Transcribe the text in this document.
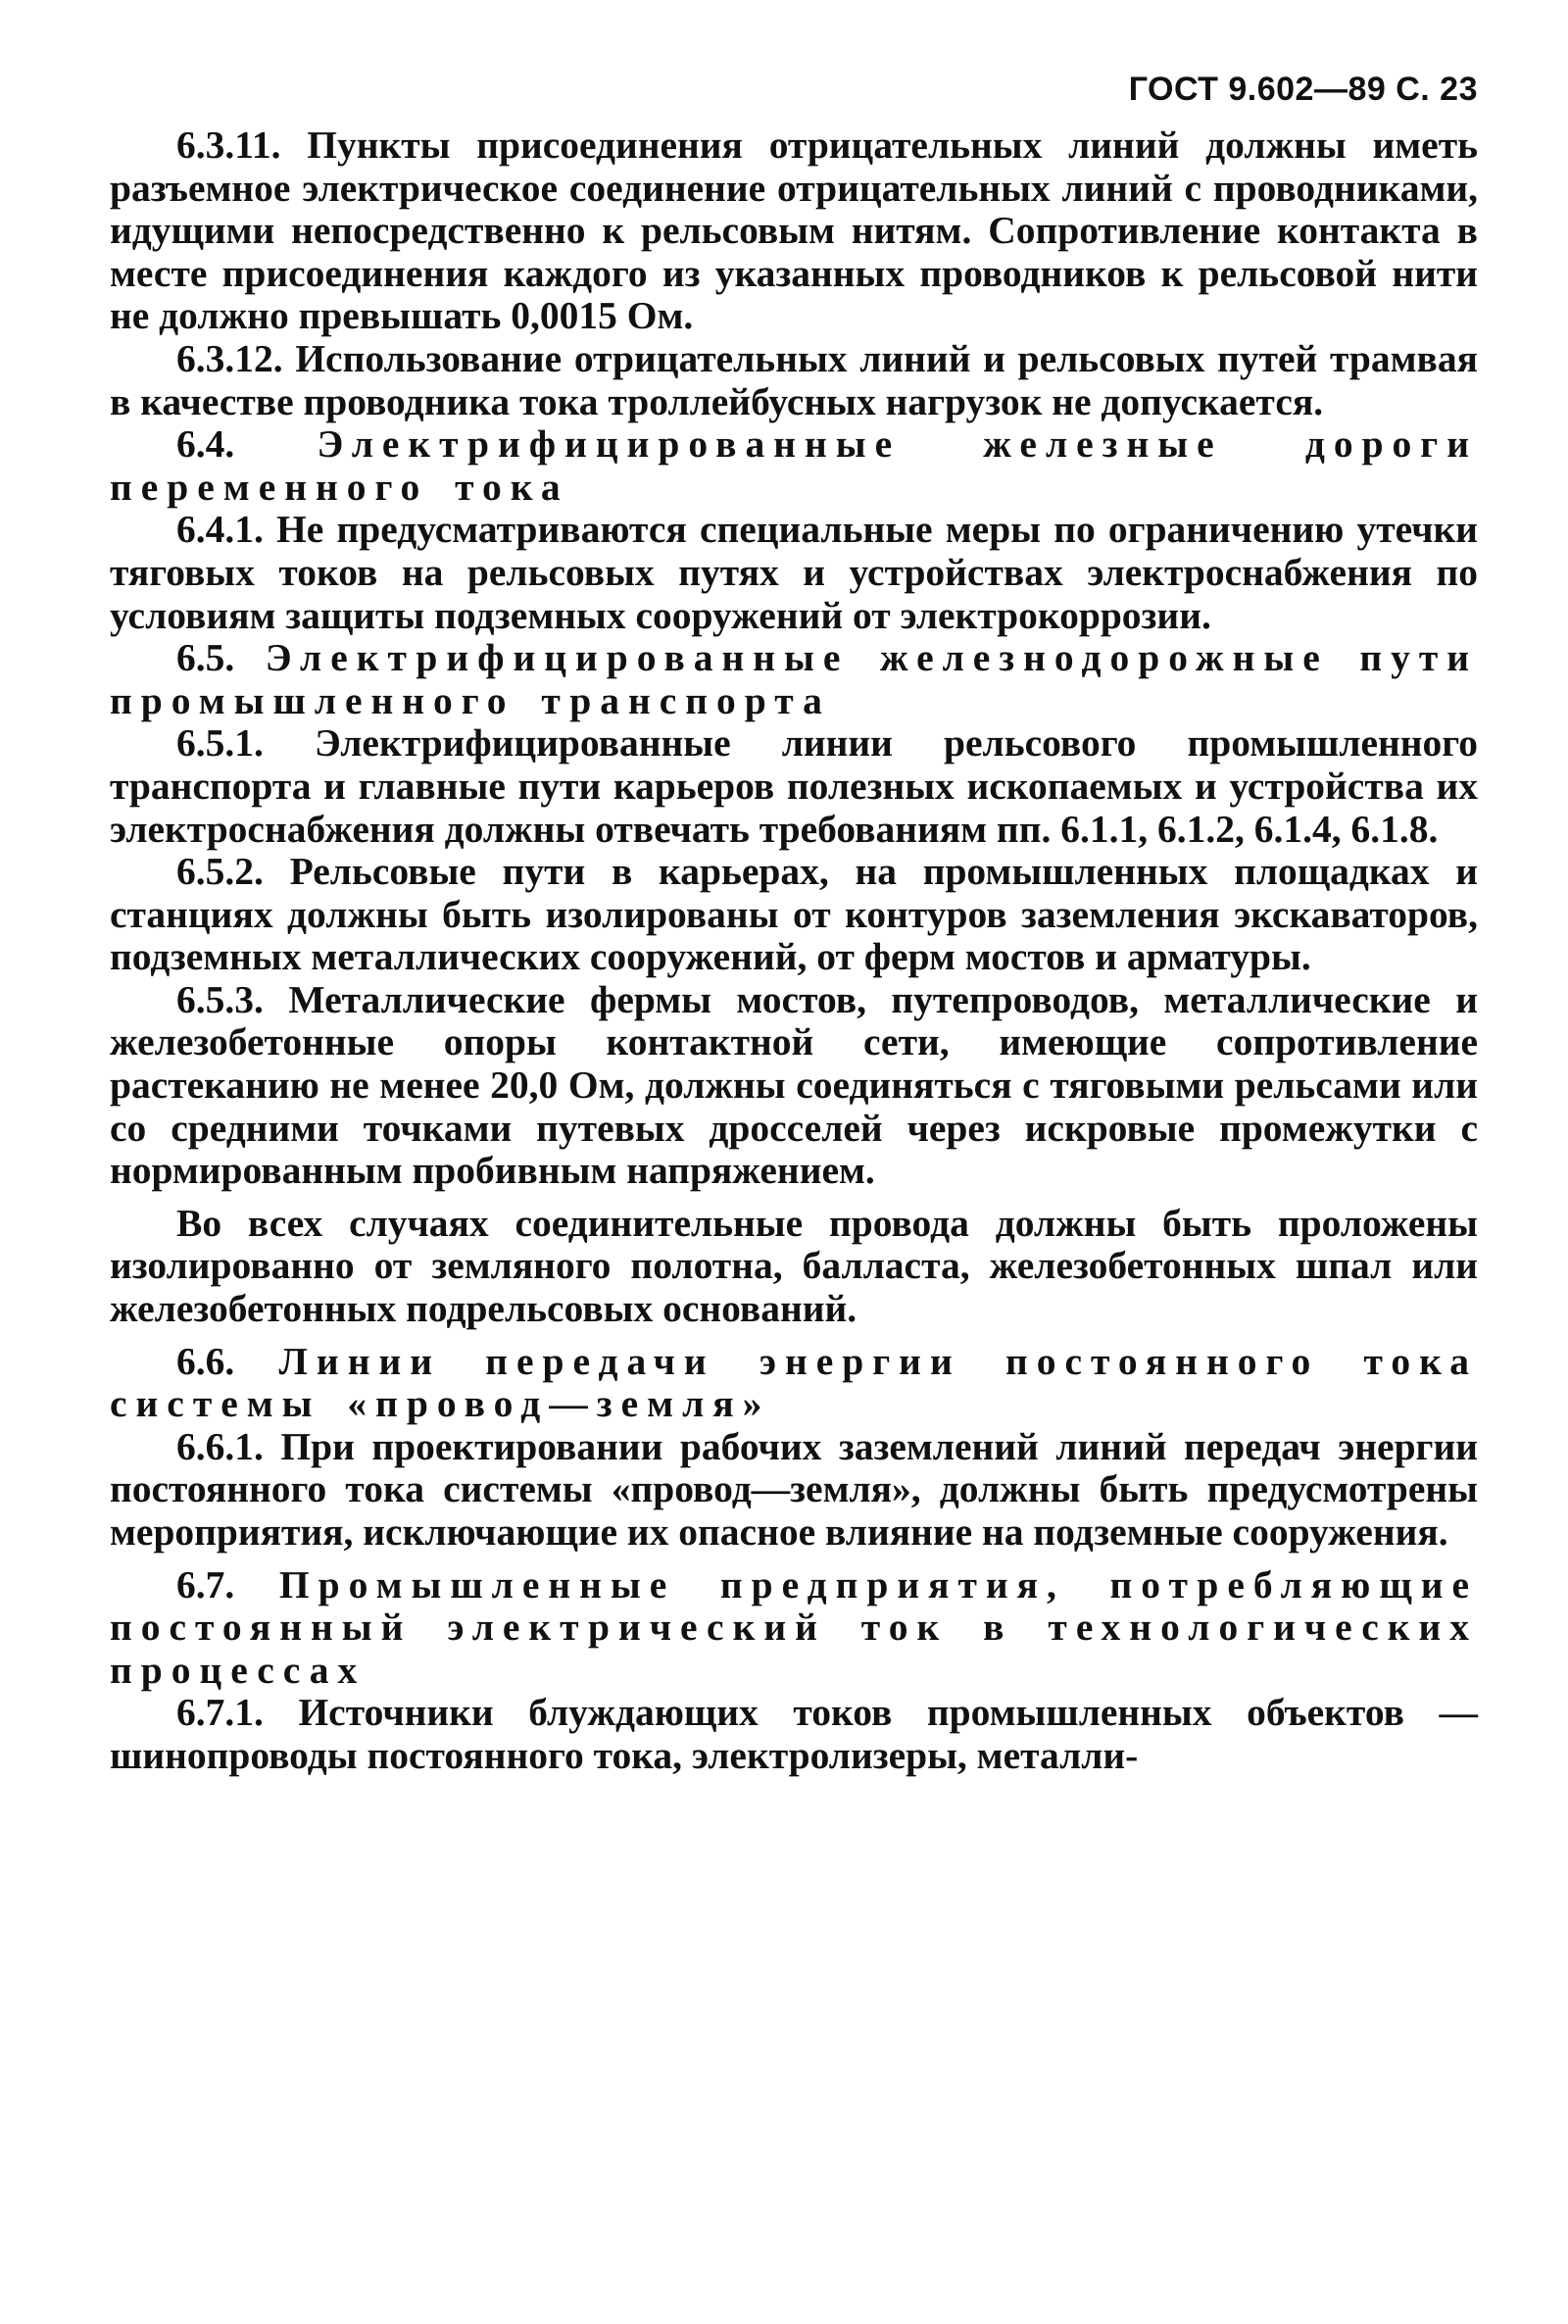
ГОСТ 9.602—89 С. 23

6.3.11. Пункты присоединения отрицательных линий должны иметь разъемное электрическое соединение отрицательных линий с проводниками, идущими непосредственно к рельсовым нитям. Сопротивление контакта в месте присоединения каждого из указанных проводников к рельсовой нити не должно превышать 0,0015 Ом.

6.3.12. Использование отрицательных линий и рельсовых путей трамвая в качестве проводника тока троллейбусных нагрузок не допускается.

6.4. Электрифицированные железные дороги переменного тока

6.4.1. Не предусматриваются специальные меры по ограничению утечки тяговых токов на рельсовых путях и устройствах электроснабжения по условиям защиты подземных сооружений от электрокоррозии.

6.5. Электрифицированные железнодорожные пути промышленного транспорта

6.5.1. Электрифицированные линии рельсового промышленного транспорта и главные пути карьеров полезных ископаемых и устройства их электроснабжения должны отвечать требованиям пп. 6.1.1, 6.1.2, 6.1.4, 6.1.8.

6.5.2. Рельсовые пути в карьерах, на промышленных площадках и станциях должны быть изолированы от контуров заземления экскаваторов, подземных металлических сооружений, от ферм мостов и арматуры.

6.5.3. Металлические фермы мостов, путепроводов, металлические и железобетонные опоры контактной сети, имеющие сопротивление растеканию не менее 20,0 Ом, должны соединяться с тяговыми рельсами или со средними точками путевых дросселей через искровые промежутки с нормированным пробивным напряжением.

Во всех случаях соединительные провода должны быть проложены изолированно от земляного полотна, балласта, железобетонных шпал или железобетонных подрельсовых оснований.

6.6. Линии передачи энергии постоянного тока системы «провод—земля»

6.6.1. При проектировании рабочих заземлений линий передач энергии постоянного тока системы «провод—земля», должны быть предусмотрены мероприятия, исключающие их опасное влияние на подземные сооружения.

6.7. Промышленные предприятия, потребляющие постоянный электрический ток в технологических процессах

6.7.1. Источники блуждающих токов промышленных объектов — шинопроводы постоянного тока, электролизеры, металли-
